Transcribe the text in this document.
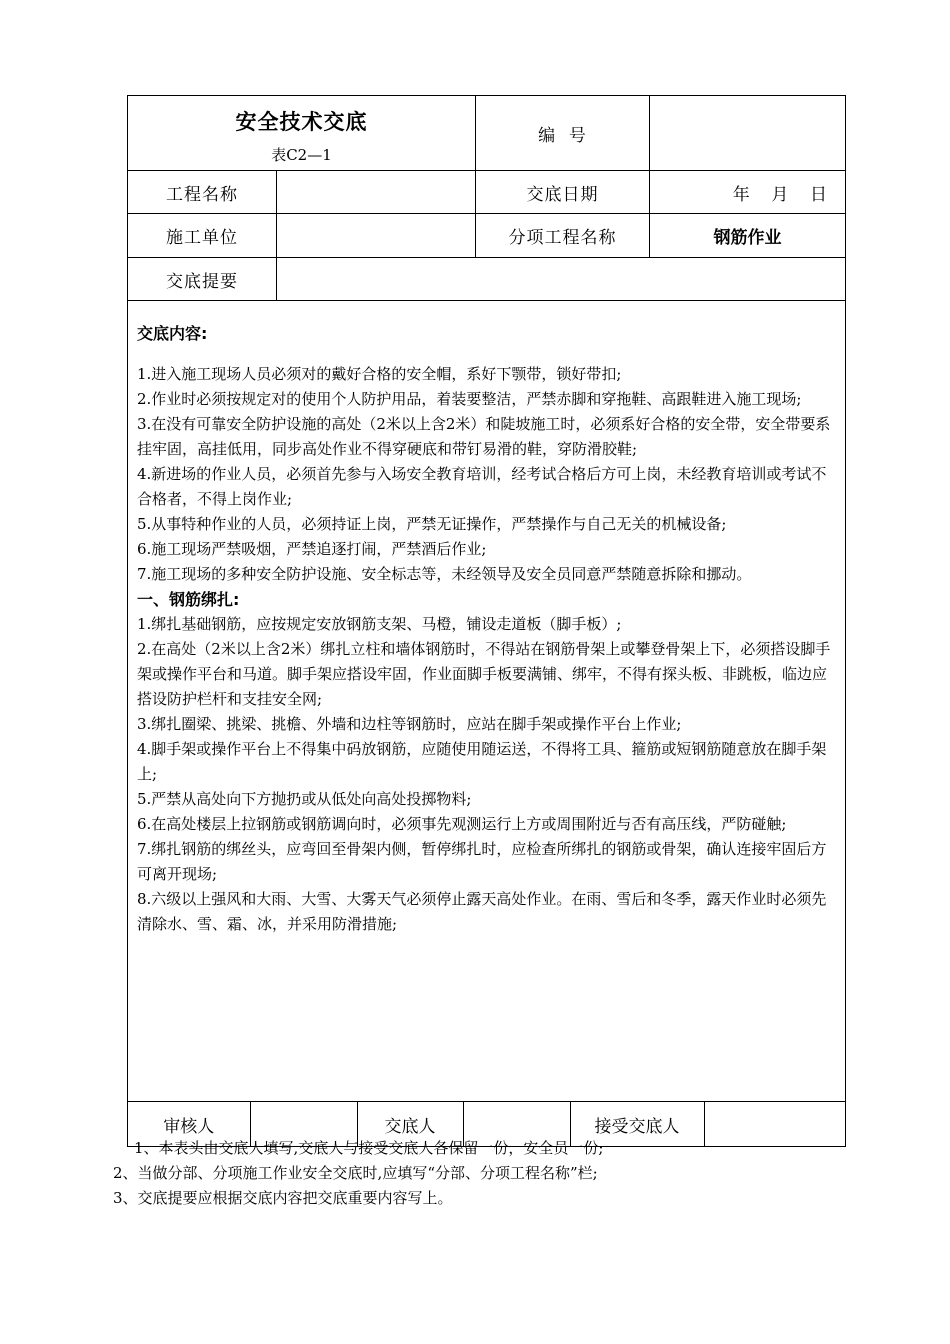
安全技术交底
表C2—1
	编  号	
工程名称		交底日期	年    月    日
施工单位		分项工程名称	钢筋作业
交底提要	

交底内容:
1.进入施工现场人员必须对的戴好合格的安全帽，系好下颚带，锁好带扣;
2.作业时必须按规定对的使用个人防护用品，着装要整洁，严禁赤脚和穿拖鞋、高跟鞋进入施工现场;
3.在没有可靠安全防护设施的高处（2米以上含2米）和陡坡施工时，必须系好合格的安全带，安全带要系挂牢固，高挂低用，同步高处作业不得穿硬底和带钉易滑的鞋，穿防滑胶鞋;
4.新进场的作业人员，必须首先参与入场安全教育培训，经考试合格后方可上岗，未经教育培训或考试不合格者，不得上岗作业;
5.从事特种作业的人员，必须持证上岗，严禁无证操作，严禁操作与自己无关的机械设备;
6.施工现场严禁吸烟，严禁追逐打闹，严禁酒后作业;
7.施工现场的多种安全防护设施、安全标志等，未经领导及安全员同意严禁随意拆除和挪动。
一、钢筋绑扎:
1.绑扎基础钢筋，应按规定安放钢筋支架、马橙，铺设走道板（脚手板）;
2.在高处（2米以上含2米）绑扎立柱和墙体钢筋时，不得站在钢筋骨架上或攀登骨架上下，必须搭设脚手架或操作平台和马道。脚手架应搭设牢固，作业面脚手板要满铺、绑牢，不得有探头板、非跳板，临边应搭设防护栏杆和支挂安全网;
3.绑扎圈梁、挑梁、挑檐、外墙和边柱等钢筋时，应站在脚手架或操作平台上作业;
4.脚手架或操作平台上不得集中码放钢筋，应随使用随运送，不得将工具、箍筋或短钢筋随意放在脚手架上;
5.严禁从高处向下方抛扔或从低处向高处投掷物料;
6.在高处楼层上拉钢筋或钢筋调向时，必须事先观测运行上方或周围附近与否有高压线，严防碰触;
7.绑扎钢筋的绑丝头，应弯回至骨架内侧，暂停绑扎时，应检查所绑扎的钢筋或骨架，确认连接牢固后方可离开现场;
8.六级以上强风和大雨、大雪、大雾天气必须停止露天高处作业。在雨、雪后和冬季，露天作业时必须先清除水、雪、霜、冰，并采用防滑措施;

审核人		交底人		接受交底人	
1、本表头由交底人填写,交底人与接受交底人各保留一份，安全员一份;
2、当做分部、分项施工作业安全交底时,应填写“分部、分项工程名称”栏;
3、交底提要应根据交底内容把交底重要内容写上。
